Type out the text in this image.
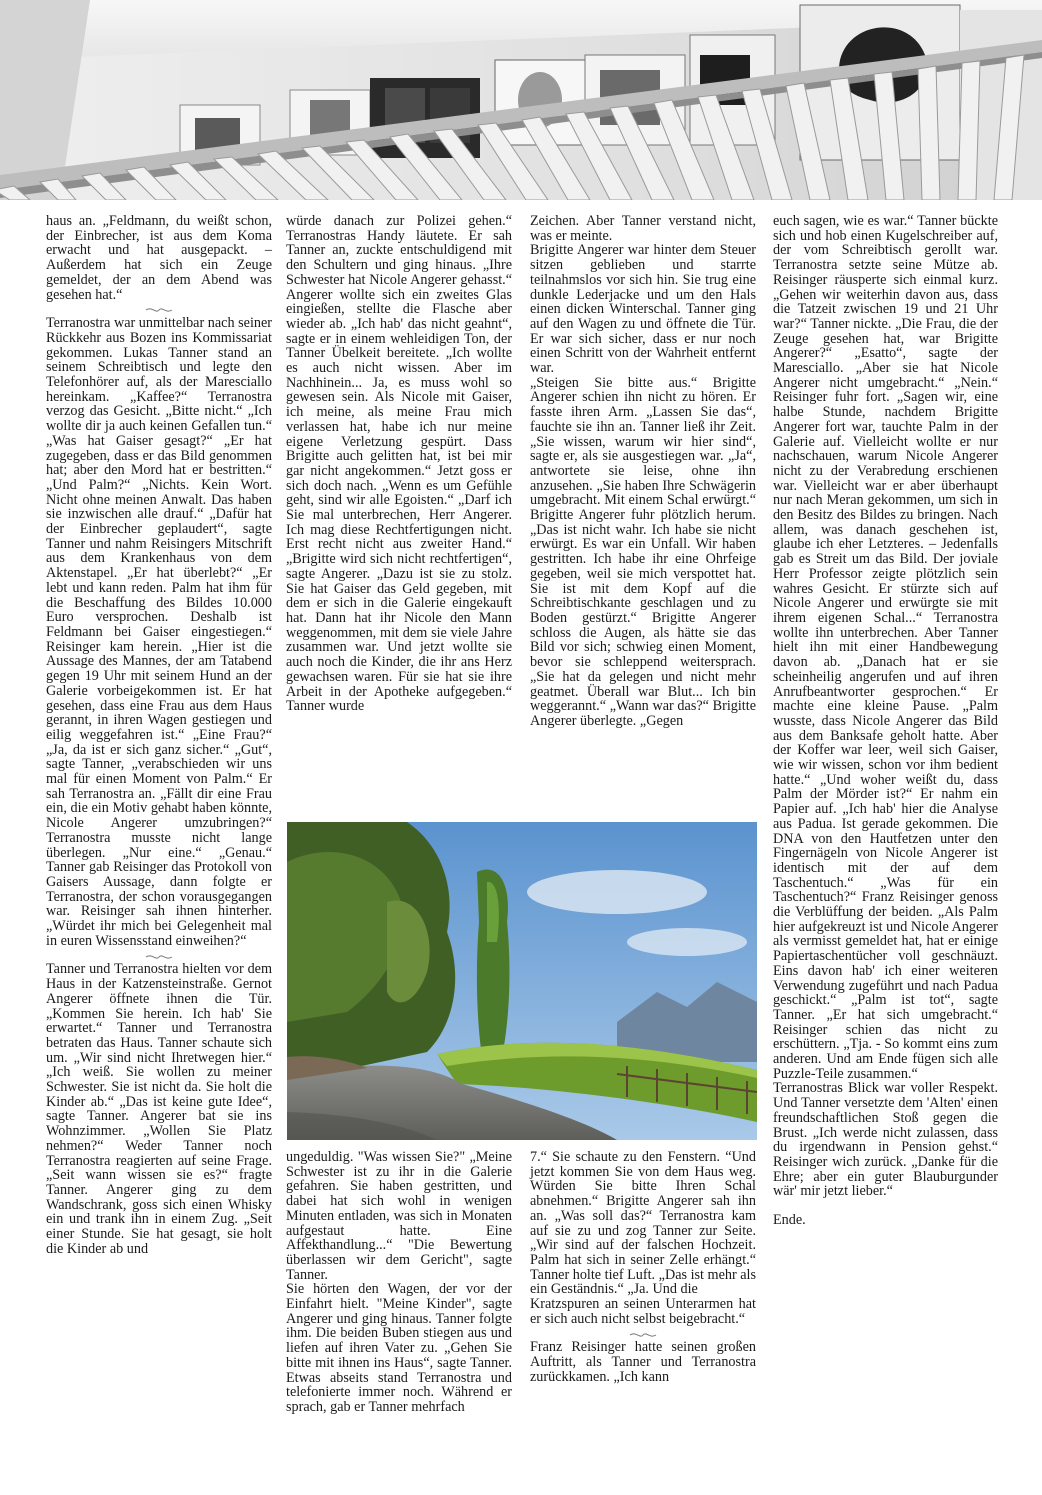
haus an. „Feldmann, du weißt schon, der Einbrecher, ist aus dem Koma erwacht und hat ausgepackt. – Außerdem hat sich ein Zeuge gemeldet, der an dem Abend was gesehen hat.“

Terranostra war unmittelbar nach seiner Rückkehr aus Bozen ins Kommissariat gekommen. Lukas Tanner stand an seinem Schreibtisch und legte den Telefonhörer auf, als der Maresciallo hereinkam. „Kaffee?“ Terranostra verzog das Gesicht. „Bitte nicht.“ „Ich wollte dir ja auch keinen Gefallen tun.“ „Was hat Gaiser gesagt?“ „Er hat zugegeben, dass er das Bild genommen hat; aber den Mord hat er bestritten.“ „Und Palm?“ „Nichts. Kein Wort. Nicht ohne meinen Anwalt. Das haben sie inzwischen alle drauf.“ „Dafür hat der Einbrecher geplaudert“, sagte Tanner und nahm Reisingers Mitschrift aus dem Krankenhaus von dem Aktenstapel. „Er hat überlebt?“ „Er lebt und kann reden. Palm hat ihm für die Beschaffung des Bildes 10.000 Euro versprochen. Deshalb ist Feldmann bei Gaiser eingestiegen.“ Reisinger kam herein. „Hier ist die Aussage des Mannes, der am Tatabend gegen 19 Uhr mit seinem Hund an der Galerie vorbeigekommen ist. Er hat gesehen, dass eine Frau aus dem Haus gerannt, in ihren Wagen gestiegen und eilig weggefahren ist.“ „Eine Frau?“ „Ja, da ist er sich ganz sicher.“ „Gut“, sagte Tanner, „verabschieden wir uns mal für einen Moment von Palm.“ Er sah Terranostra an. „Fällt dir eine Frau ein, die ein Motiv gehabt haben könnte, Nicole Angerer umzubringen?“ Terranostra musste nicht lange überlegen. „Nur eine.“ „Genau.“ Tanner gab Reisinger das Protokoll von Gaisers Aussage, dann folgte er Terranostra, der schon vorausgegangen war. Reisinger sah ihnen hinterher. „Würdet ihr mich bei Gelegenheit mal in euren Wissensstand einweihen?“

Tanner und Terranostra hielten vor dem Haus in der Katzensteinstraße. Gernot Angerer öffnete ihnen die Tür. „Kommen Sie herein. Ich hab' Sie erwartet.“ Tanner und Terranostra betraten das Haus. Tanner schaute sich um. „Wir sind nicht Ihretwegen hier.“ „Ich weiß. Sie wollen zu meiner Schwester. Sie ist nicht da. Sie holt die Kinder ab.“ „Das ist keine gute Idee“, sagte Tanner. Angerer bat sie ins Wohnzimmer. „Wollen Sie Platz nehmen?“ Weder Tanner noch Terranostra reagierten auf seine Frage. „Seit wann wissen sie es?“ fragte Tanner. Angerer ging zu dem Wandschrank, goss sich einen Whisky ein und trank ihn in einem Zug. „Seit einer Stunde. Sie hat gesagt, sie holt die Kinder ab und

würde danach zur Polizei gehen.“ Terranostras Handy läutete. Er sah Tanner an, zuckte entschuldigend mit den Schultern und ging hinaus. „Ihre Schwester hat Nicole Angerer gehasst.“ Angerer wollte sich ein zweites Glas eingießen, stellte die Flasche aber wieder ab. „Ich hab' das nicht geahnt“, sagte er in einem wehleidigen Ton, der Tanner Übelkeit bereitete. „Ich wollte es auch nicht wissen. Aber im Nachhinein... Ja, es muss wohl so gewesen sein. Als Nicole mit Gaiser, ich meine, als meine Frau mich verlassen hat, habe ich nur meine eigene Verletzung gespürt. Dass Brigitte auch gelitten hat, ist bei mir gar nicht angekommen.“ Jetzt goss er sich doch nach. „Wenn es um Gefühle geht, sind wir alle Egoisten.“ „Darf ich Sie mal unterbrechen, Herr Angerer. Ich mag diese Rechtfertigungen nicht. Erst recht nicht aus zweiter Hand.“ „Brigitte wird sich nicht rechtfertigen“, sagte Angerer. „Dazu ist sie zu stolz. Sie hat Gaiser das Geld gegeben, mit dem er sich in die Galerie eingekauft hat. Dann hat ihr Nicole den Mann weggenommen, mit dem sie viele Jahre zusammen war. Und jetzt wollte sie auch noch die Kinder, die ihr ans Herz gewachsen waren. Für sie hat sie ihre Arbeit in der Apotheke aufgegeben.“ Tanner wurde

Zeichen. Aber Tanner verstand nicht, was er meinte.

Brigitte Angerer war hinter dem Steuer sitzen geblieben und starrte teilnahmslos vor sich hin. Sie trug eine dunkle Lederjacke und um den Hals einen dicken Winterschal. Tanner ging auf den Wagen zu und öffnete die Tür. Er war sich sicher, dass er nur noch einen Schritt von der Wahrheit entfernt war.

„Steigen Sie bitte aus.“ Brigitte Angerer schien ihn nicht zu hören. Er fasste ihren Arm. „Lassen Sie das“, fauchte sie ihn an. Tanner ließ ihr Zeit. „Sie wissen, warum wir hier sind“, sagte er, als sie ausgestiegen war. „Ja“, antwortete sie leise, ohne ihn anzusehen. „Sie haben Ihre Schwägerin umgebracht. Mit einem Schal erwürgt.“ Brigitte Angerer fuhr plötzlich herum. „Das ist nicht wahr. Ich habe sie nicht erwürgt. Es war ein Unfall. Wir haben gestritten. Ich habe ihr eine Ohrfeige gegeben, weil sie mich verspottet hat. Sie ist mit dem Kopf auf die Schreibtischkante geschlagen und zu Boden gestürzt.“ Brigitte Angerer schloss die Augen, als hätte sie das Bild vor sich; schwieg einen Moment, bevor sie schleppend weitersprach. „Sie hat da gelegen und nicht mehr geatmet. Überall war Blut... Ich bin weggerannt.“ „Wann war das?“ Brigitte Angerer überlegte. „Gegen

ungeduldig. "Was wissen Sie?" „Meine Schwester ist zu ihr in die Galerie gefahren. Sie haben gestritten, und dabei hat sich wohl in wenigen Minuten entladen, was sich in Monaten aufgestaut hatte. Eine Affekthandlung...“ "Die Bewertung überlassen wir dem Gericht", sagte Tanner.

Sie hörten den Wagen, der vor der Einfahrt hielt. "Meine Kinder", sagte Angerer und ging hinaus. Tanner folgte ihm. Die beiden Buben stiegen aus und liefen auf ihren Vater zu. „Gehen Sie bitte mit ihnen ins Haus“, sagte Tanner. Etwas abseits stand Terranostra und telefonierte immer noch. Während er sprach, gab er Tanner mehrfach

7.“ Sie schaute zu den Fenstern. “Und jetzt kommen Sie von dem Haus weg. Würden Sie bitte Ihren Schal abnehmen.“ Brigitte Angerer sah ihn an. „Was soll das?“ Terranostra kam auf sie zu und zog Tanner zur Seite. „Wir sind auf der falschen Hochzeit. Palm hat sich in seiner Zelle erhängt.“ Tanner holte tief Luft. „Das ist mehr als ein Geständnis.“ „Ja. Und die

Kratzspuren an seinen Unterarmen hat er sich auch nicht selbst beigebracht.“

Franz Reisinger hatte seinen großen Auftritt, als Tanner und Terranostra zurückkamen. „Ich kann

euch sagen, wie es war.“ Tanner bückte sich und hob einen Kugelschreiber auf, der vom Schreibtisch gerollt war. Terranostra setzte seine Mütze ab. Reisinger räusperte sich einmal kurz. „Gehen wir weiterhin davon aus, dass die Tatzeit zwischen 19 und 21 Uhr war?“ Tanner nickte. „Die Frau, die der Zeuge gesehen hat, war Brigitte Angerer?“ „Esatto“, sagte der Maresciallo. „Aber sie hat Nicole Angerer nicht umgebracht.“ „Nein.“ Reisinger fuhr fort. „Sagen wir, eine halbe Stunde, nachdem Brigitte Angerer fort war, tauchte Palm in der Galerie auf. Vielleicht wollte er nur nachschauen, warum Nicole Angerer nicht zu der Verabredung erschienen war. Vielleicht war er aber überhaupt nur nach Meran gekommen, um sich in den Besitz des Bildes zu bringen. Nach allem, was danach geschehen ist, glaube ich eher Letzteres. – Jedenfalls gab es Streit um das Bild. Der joviale Herr Professor zeigte plötzlich sein wahres Gesicht. Er stürzte sich auf Nicole Angerer und erwürgte sie mit ihrem eigenen Schal...“ Terranostra wollte ihn unterbrechen. Aber Tanner hielt ihn mit einer Handbewegung davon ab. „Danach hat er sie scheinheilig angerufen und auf ihren Anrufbeantworter gesprochen.“ Er machte eine kleine Pause. „Palm wusste, dass Nicole Angerer das Bild aus dem Banksafe geholt hatte. Aber der Koffer war leer, weil sich Gaiser, wie wir wissen, schon vor ihm bedient hatte.“ „Und woher weißt du, dass Palm der Mörder ist?“ Er nahm ein Papier auf. „Ich hab' hier die Analyse aus Padua. Ist gerade gekommen. Die DNA von den Hautfetzen unter den Fingernägeln von Nicole Angerer ist identisch mit der auf dem Taschentuch.“ „Was für ein Taschentuch?“ Franz Reisinger genoss die Verblüffung der beiden. „Als Palm hier aufgekreuzt ist und Nicole Angerer als vermisst gemeldet hat, hat er einige Papiertaschentücher voll geschnäuzt. Eins davon hab' ich einer weiteren Verwendung zugeführt und nach Padua geschickt.“ „Palm ist tot“, sagte Tanner. „Er hat sich umgebracht.“ Reisinger schien das nicht zu erschüttern. „Tja. - So kommt eins zum anderen. Und am Ende fügen sich alle Puzzle-Teile zusammen.“

Terranostras Blick war voller Respekt. Und Tanner versetzte dem 'Alten' einen freundschaftlichen Stoß gegen die Brust. „Ich werde nicht zulassen, dass du irgendwann in Pension gehst.“ Reisinger wich zurück. „Danke für die Ehre; aber ein guter Blauburgunder wär' mir jetzt lieber.“

Ende.
